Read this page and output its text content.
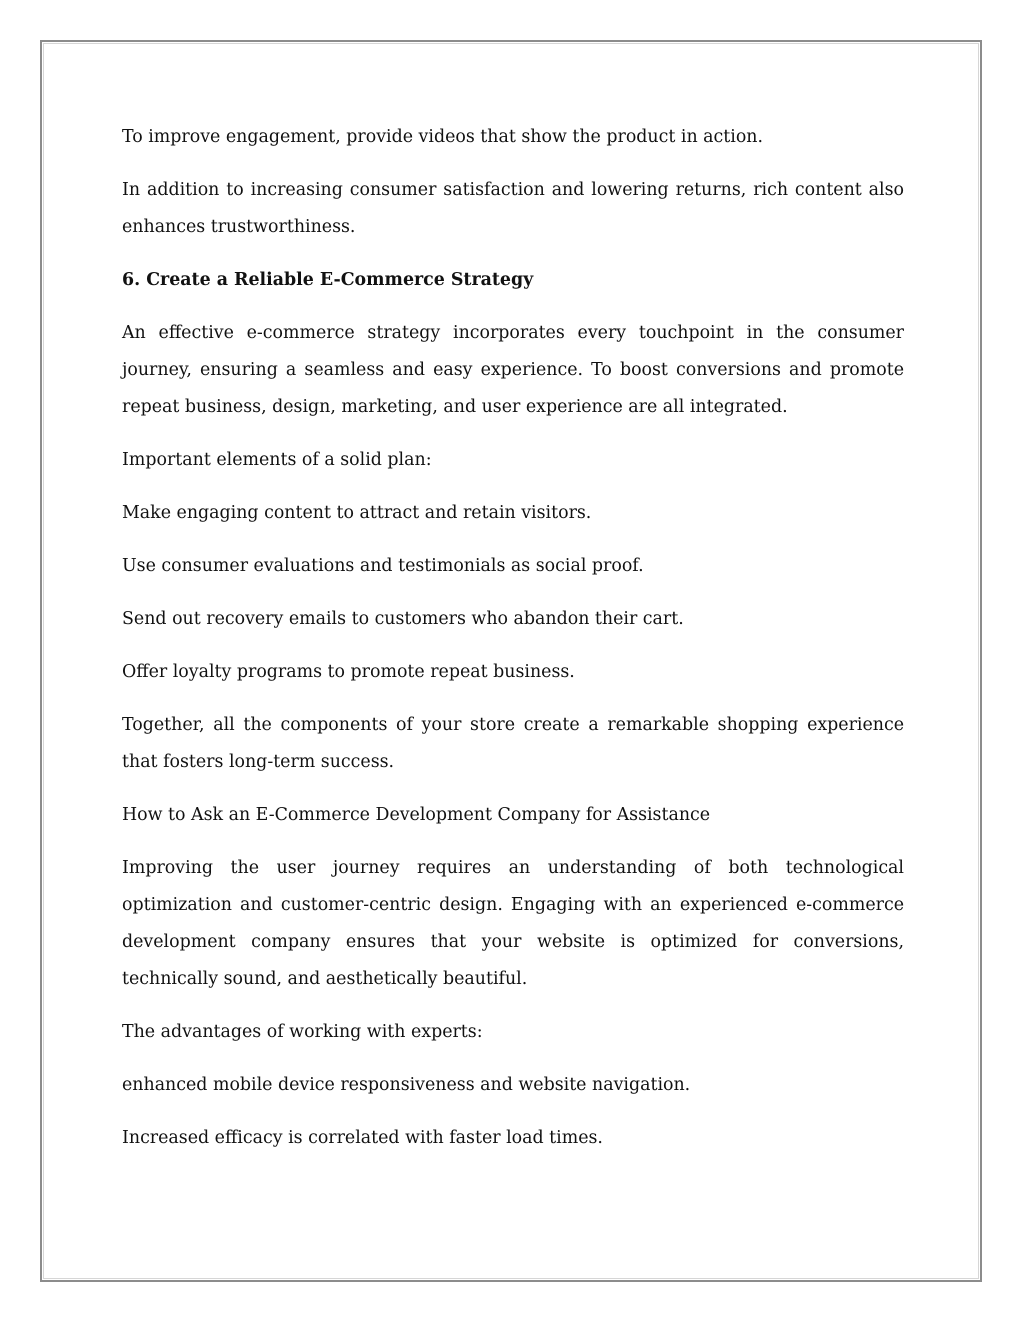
To improve engagement, provide videos that show the product in action.

In addition to increasing consumer satisfaction and lowering returns, rich content also enhances trustworthiness.

6. Create a Reliable E-Commerce Strategy

An effective e-commerce strategy incorporates every touchpoint in the consumer journey, ensuring a seamless and easy experience. To boost conversions and promote repeat business, design, marketing, and user experience are all integrated.

Important elements of a solid plan:

Make engaging content to attract and retain visitors.

Use consumer evaluations and testimonials as social proof.

Send out recovery emails to customers who abandon their cart.

Offer loyalty programs to promote repeat business.

Together, all the components of your store create a remarkable shopping experience that fosters long-term success.

How to Ask an E-Commerce Development Company for Assistance

Improving the user journey requires an understanding of both technological optimization and customer-centric design. Engaging with an experienced e-commerce development company ensures that your website is optimized for conversions, technically sound, and aesthetically beautiful.

The advantages of working with experts:

enhanced mobile device responsiveness and website navigation.

Increased efficacy is correlated with faster load times.
